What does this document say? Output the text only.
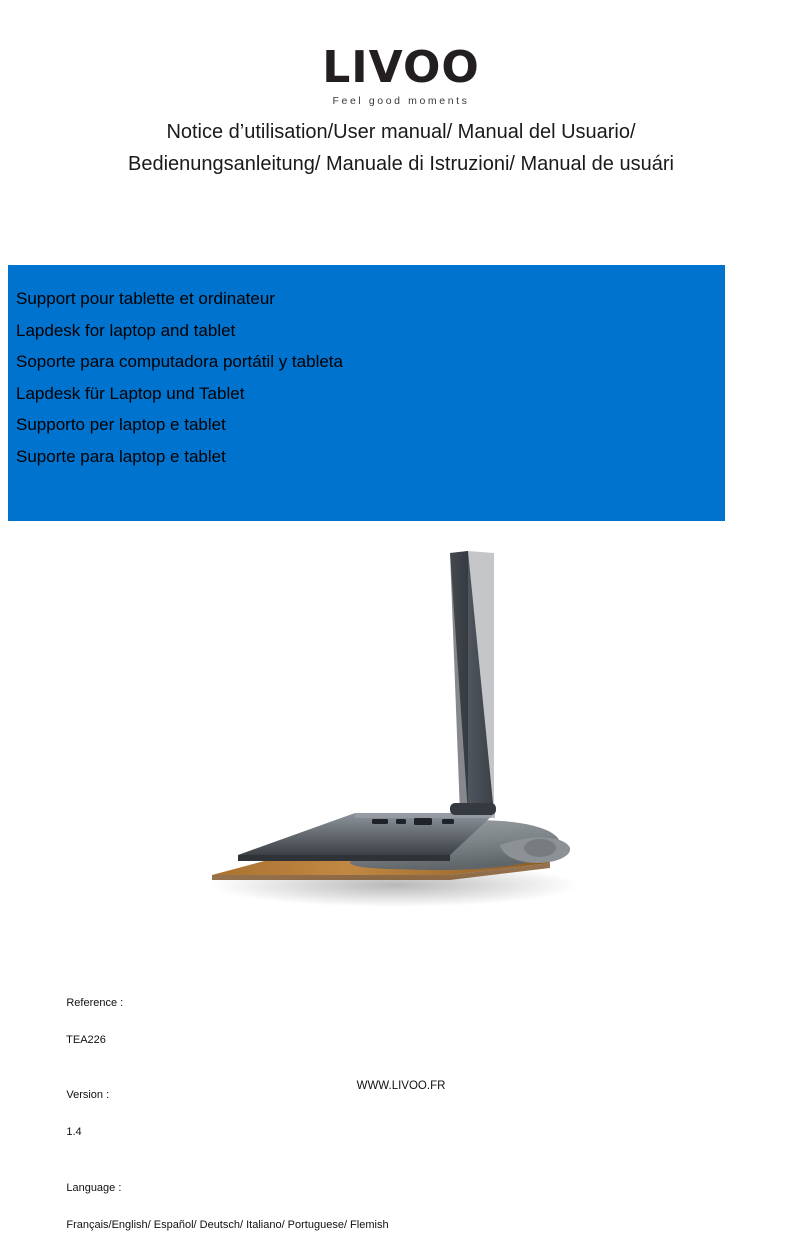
LIVOO
Feel good moments
Notice d’utilisation/User manual/ Manual del Usuario/
Bedienungsanleitung/ Manuale di Istruzioni/ Manual de usuári
Support pour tablette et ordinateur
Lapdesk for laptop and tablet
Soporte para computadora portátil y tableta
Lapdesk für Laptop und Tablet
Supporto per laptop e tablet
Suporte para laptop e tablet

Reference :

TEA226

Version :

1.4

Language :

Français/English/ Español/ Deutsch/ Italiano/ Portuguese/ Flemish

WWW.LIVOO.FR
